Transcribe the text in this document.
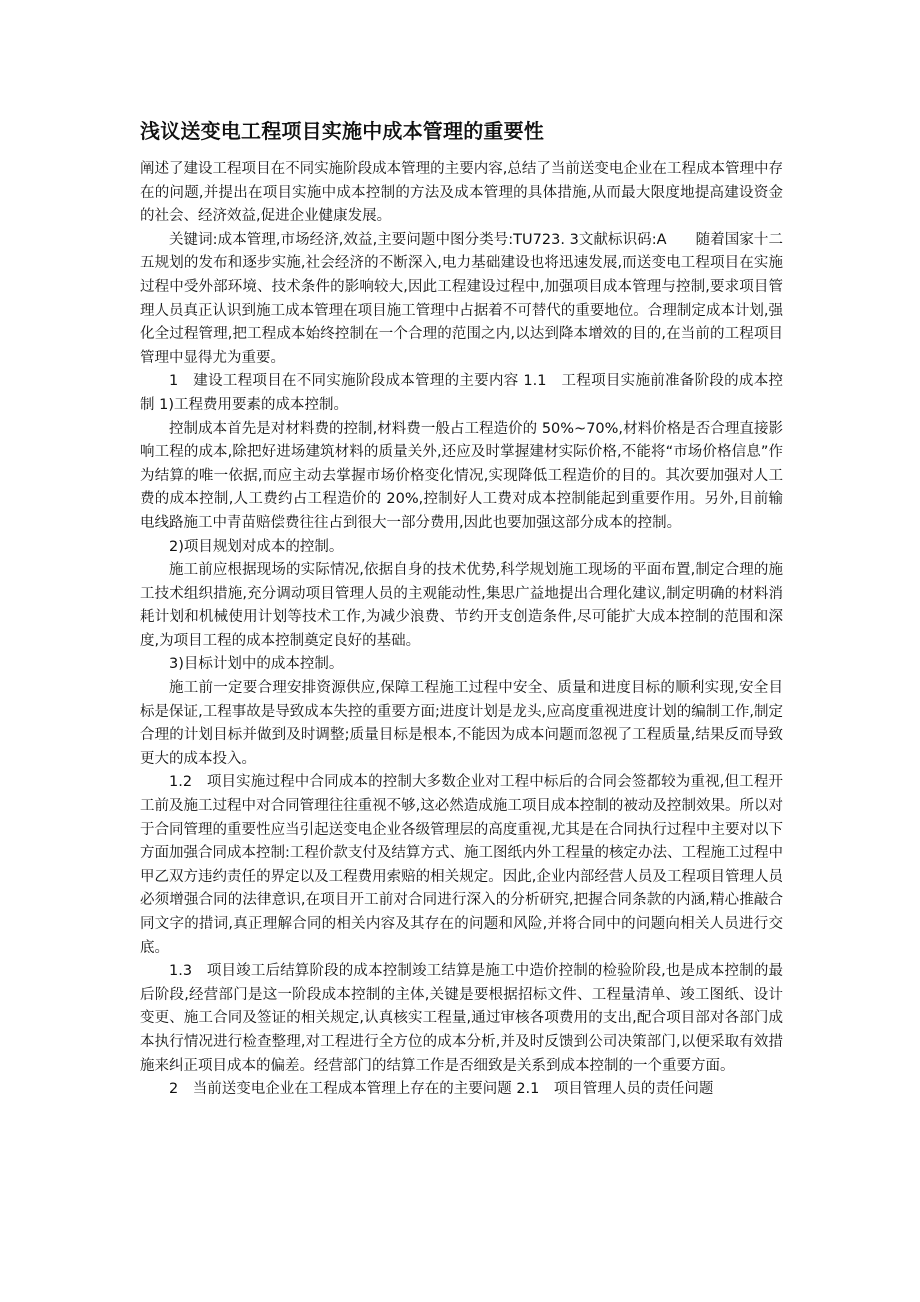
浅议送变电工程项目实施中成本管理的重要性

阐述了建设工程项目在不同实施阶段成本管理的主要内容,总结了当前送变电企业在工程成本管理中存在的问题,并提出在项目实施中成本控制的方法及成本管理的具体措施,从而最大限度地提高建设资金的社会、经济效益,促进企业健康发展。

关键词:成本管理,市场经济,效益,主要问题中图分类号:TU723. 3文献标识码:A　　随着国家十二五规划的发布和逐步实施,社会经济的不断深入,电力基础建设也将迅速发展,而送变电工程项目在实施过程中受外部环境、技术条件的影响较大,因此工程建设过程中,加强项目成本管理与控制,要求项目管理人员真正认识到施工成本管理在项目施工管理中占据着不可替代的重要地位。合理制定成本计划,强化全过程管理,把工程成本始终控制在一个合理的范围之内,以达到降本增效的目的,在当前的工程项目管理中显得尤为重要。

1　建设工程项目在不同实施阶段成本管理的主要内容 1.1　工程项目实施前准备阶段的成本控制 1)工程费用要素的成本控制。

控制成本首先是对材料费的控制,材料费一般占工程造价的 50%~70%,材料价格是否合理直接影响工程的成本,除把好进场建筑材料的质量关外,还应及时掌握建材实际价格,不能将“市场价格信息”作为结算的唯一依据,而应主动去掌握市场价格变化情况,实现降低工程造价的目的。其次要加强对人工费的成本控制,人工费约占工程造价的 20%,控制好人工费对成本控制能起到重要作用。另外,目前输电线路施工中青苗赔偿费往往占到很大一部分费用,因此也要加强这部分成本的控制。

2)项目规划对成本的控制。

施工前应根据现场的实际情况,依据自身的技术优势,科学规划施工现场的平面布置,制定合理的施工技术组织措施,充分调动项目管理人员的主观能动性,集思广益地提出合理化建议,制定明确的材料消耗计划和机械使用计划等技术工作,为减少浪费、节约开支创造条件,尽可能扩大成本控制的范围和深度,为项目工程的成本控制奠定良好的基础。

3)目标计划中的成本控制。

施工前一定要合理安排资源供应,保障工程施工过程中安全、质量和进度目标的顺利实现,安全目标是保证,工程事故是导致成本失控的重要方面;进度计划是龙头,应高度重视进度计划的编制工作,制定合理的计划目标并做到及时调整;质量目标是根本,不能因为成本问题而忽视了工程质量,结果反而导致更大的成本投入。

1.2　项目实施过程中合同成本的控制大多数企业对工程中标后的合同会签都较为重视,但工程开工前及施工过程中对合同管理往往重视不够,这必然造成施工项目成本控制的被动及控制效果。所以对于合同管理的重要性应当引起送变电企业各级管理层的高度重视,尤其是在合同执行过程中主要对以下方面加强合同成本控制:工程价款支付及结算方式、施工图纸内外工程量的核定办法、工程施工过程中甲乙双方违约责任的界定以及工程费用索赔的相关规定。因此,企业内部经营人员及工程项目管理人员必须增强合同的法律意识,在项目开工前对合同进行深入的分析研究,把握合同条款的内涵,精心推敲合同文字的措词,真正理解合同的相关内容及其存在的问题和风险,并将合同中的问题向相关人员进行交底。

1.3　项目竣工后结算阶段的成本控制竣工结算是施工中造价控制的检验阶段,也是成本控制的最后阶段,经营部门是这一阶段成本控制的主体,关键是要根据招标文件、工程量清单、竣工图纸、设计变更、施工合同及签证的相关规定,认真核实工程量,通过审核各项费用的支出,配合项目部对各部门成本执行情况进行检查整理,对工程进行全方位的成本分析,并及时反馈到公司决策部门,以便采取有效措施来纠正项目成本的偏差。经营部门的结算工作是否细致是关系到成本控制的一个重要方面。

2　当前送变电企业在工程成本管理上存在的主要问题 2.1　项目管理人员的责任问题
